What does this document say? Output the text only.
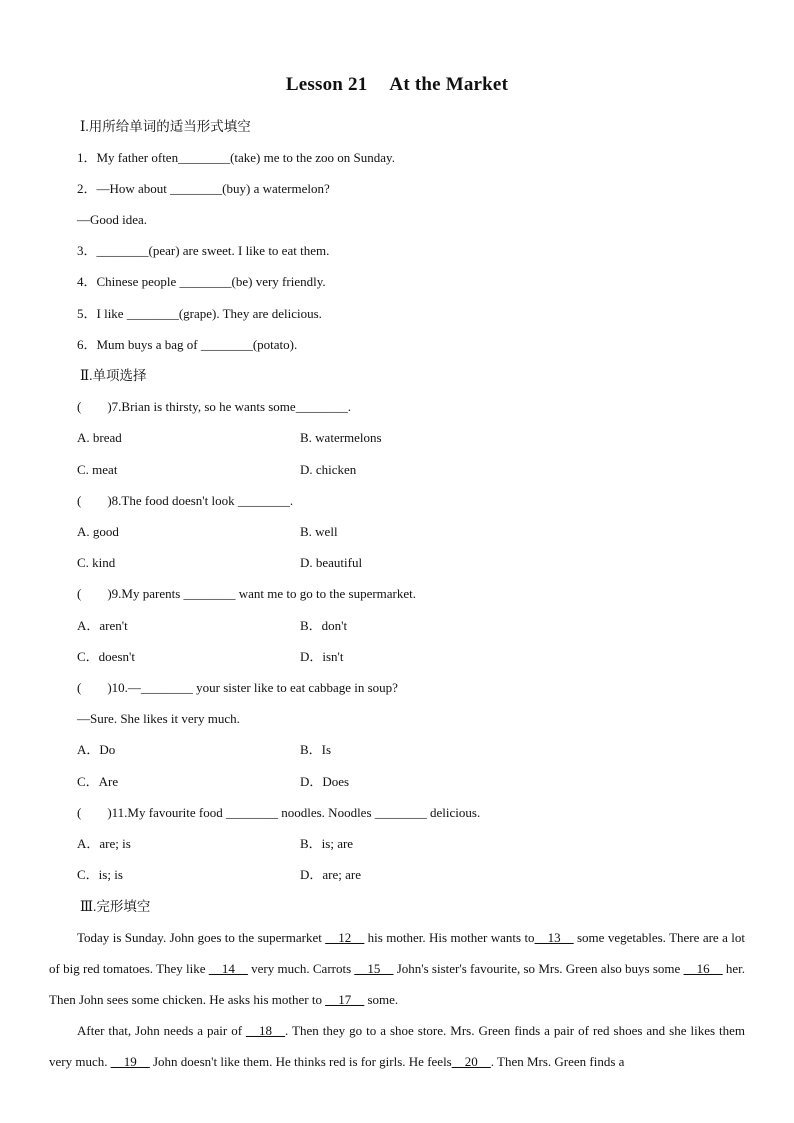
Lesson 21 At the Market
Ⅰ.用所给单词的适当形式填空
1．My father often________(take) me to the zoo on Sunday.
2．—How about ________(buy) a watermelon?
—Good idea.
3．________(pear) are sweet. I like to eat them.
4．Chinese people ________(be) very friendly.
5．I like ________(grape). They are delicious.
6．Mum buys a bag of ________(potato).
Ⅱ.单项选择
(　　)7.Brian is thirsty, so he wants some________.
A. bread	B. watermelons
C. meat	D. chicken
(　　)8.The food doesn't look ________.
A. good	B. well
C. kind	D. beautiful
(　　)9.My parents ________ want me to go to the supermarket.
A．aren't	B．don't
C．doesn't	D．isn't
(　　)10.—________ your sister like to eat cabbage in soup?
—Sure. She likes it very much.
A．Do	B．Is
C．Are	D．Does
(　　)11.My favourite food ________ noodles. Noodles ________ delicious.
A．are; is	B．is; are
C．is; is	D．are; are
Ⅲ.完形填空
Today is Sunday. John goes to the supermarket __12__ his mother. His mother wants to__13__ some vegetables. There are a lot of big red tomatoes. They like __14__ very much. Carrots __15__ John's sister's favourite, so Mrs. Green also buys some __16__ her. Then John sees some chicken. He asks his mother to __17__ some.
After that, John needs a pair of __18__. Then they go to a shoe store. Mrs. Green finds a pair of red shoes and she likes them very much. __19__ John doesn't like them. He thinks red is for girls. He feels__20__. Then Mrs. Green finds a
